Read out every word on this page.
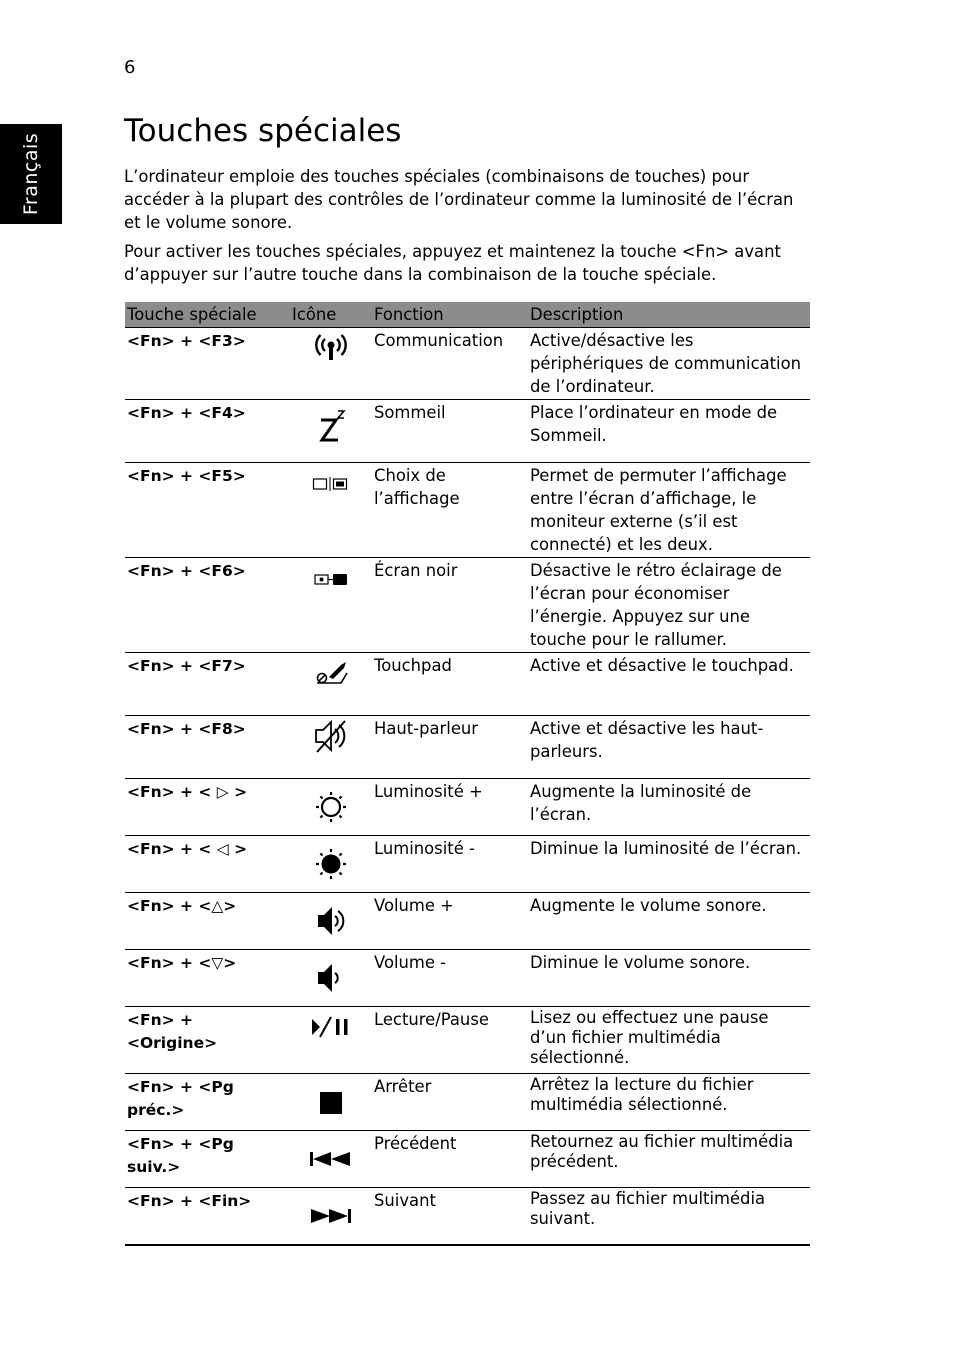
6
Français
Touches spéciales

L’ordinateur emploie des touches spéciales (combinaisons de touches) pour accéder à la plupart des contrôles de l’ordinateur comme la luminosité de l’écran et le volume sonore.

Pour activer les touches spéciales, appuyez et maintenez la touche <Fn> avant d’appuyer sur l’autre touche dans la combinaison de la touche spéciale.

Touche spéciale	Icône	Fonction	Description
<Fn> + <F3>		Communication	Active/désactive les périphériques de communication de l’ordinateur.
<Fn> + <F4>		Sommeil	Place l’ordinateur en mode de Sommeil.
<Fn> + <F5>		Choix de l’affichage	Permet de permuter l’affichage entre l’écran d’affichage, le moniteur externe (s’il est connecté) et les deux.
<Fn> + <F6>		Écran noir	Désactive le rétro éclairage de l’écran pour économiser l’énergie. Appuyez sur une touche pour le rallumer.
<Fn> + <F7>		Touchpad	Active et désactive le touchpad.
<Fn> + <F8>		Haut-parleur	Active et désactive les haut-parleurs.
<Fn> + < ▷ >		Luminosité +	Augmente la luminosité de l’écran.
<Fn> + < ◁ >		Luminosité -	Diminue la luminosité de l’écran.
<Fn> + <△>		Volume +	Augmente le volume sonore.
<Fn> + <▽>		Volume -	Diminue le volume sonore.
<Fn> + <Origine>		Lecture/Pause	Lisez ou effectuez une pause d’un fichier multimédia sélectionné.
<Fn> + <Pg préc.>		Arrêter	Arrêtez la lecture du fichier multimédia sélectionné.
<Fn> + <Pg suiv.>		Précédent	Retournez au fichier multimédia précédent.
<Fn> + <Fin>		Suivant	Passez au fichier multimédia suivant.
